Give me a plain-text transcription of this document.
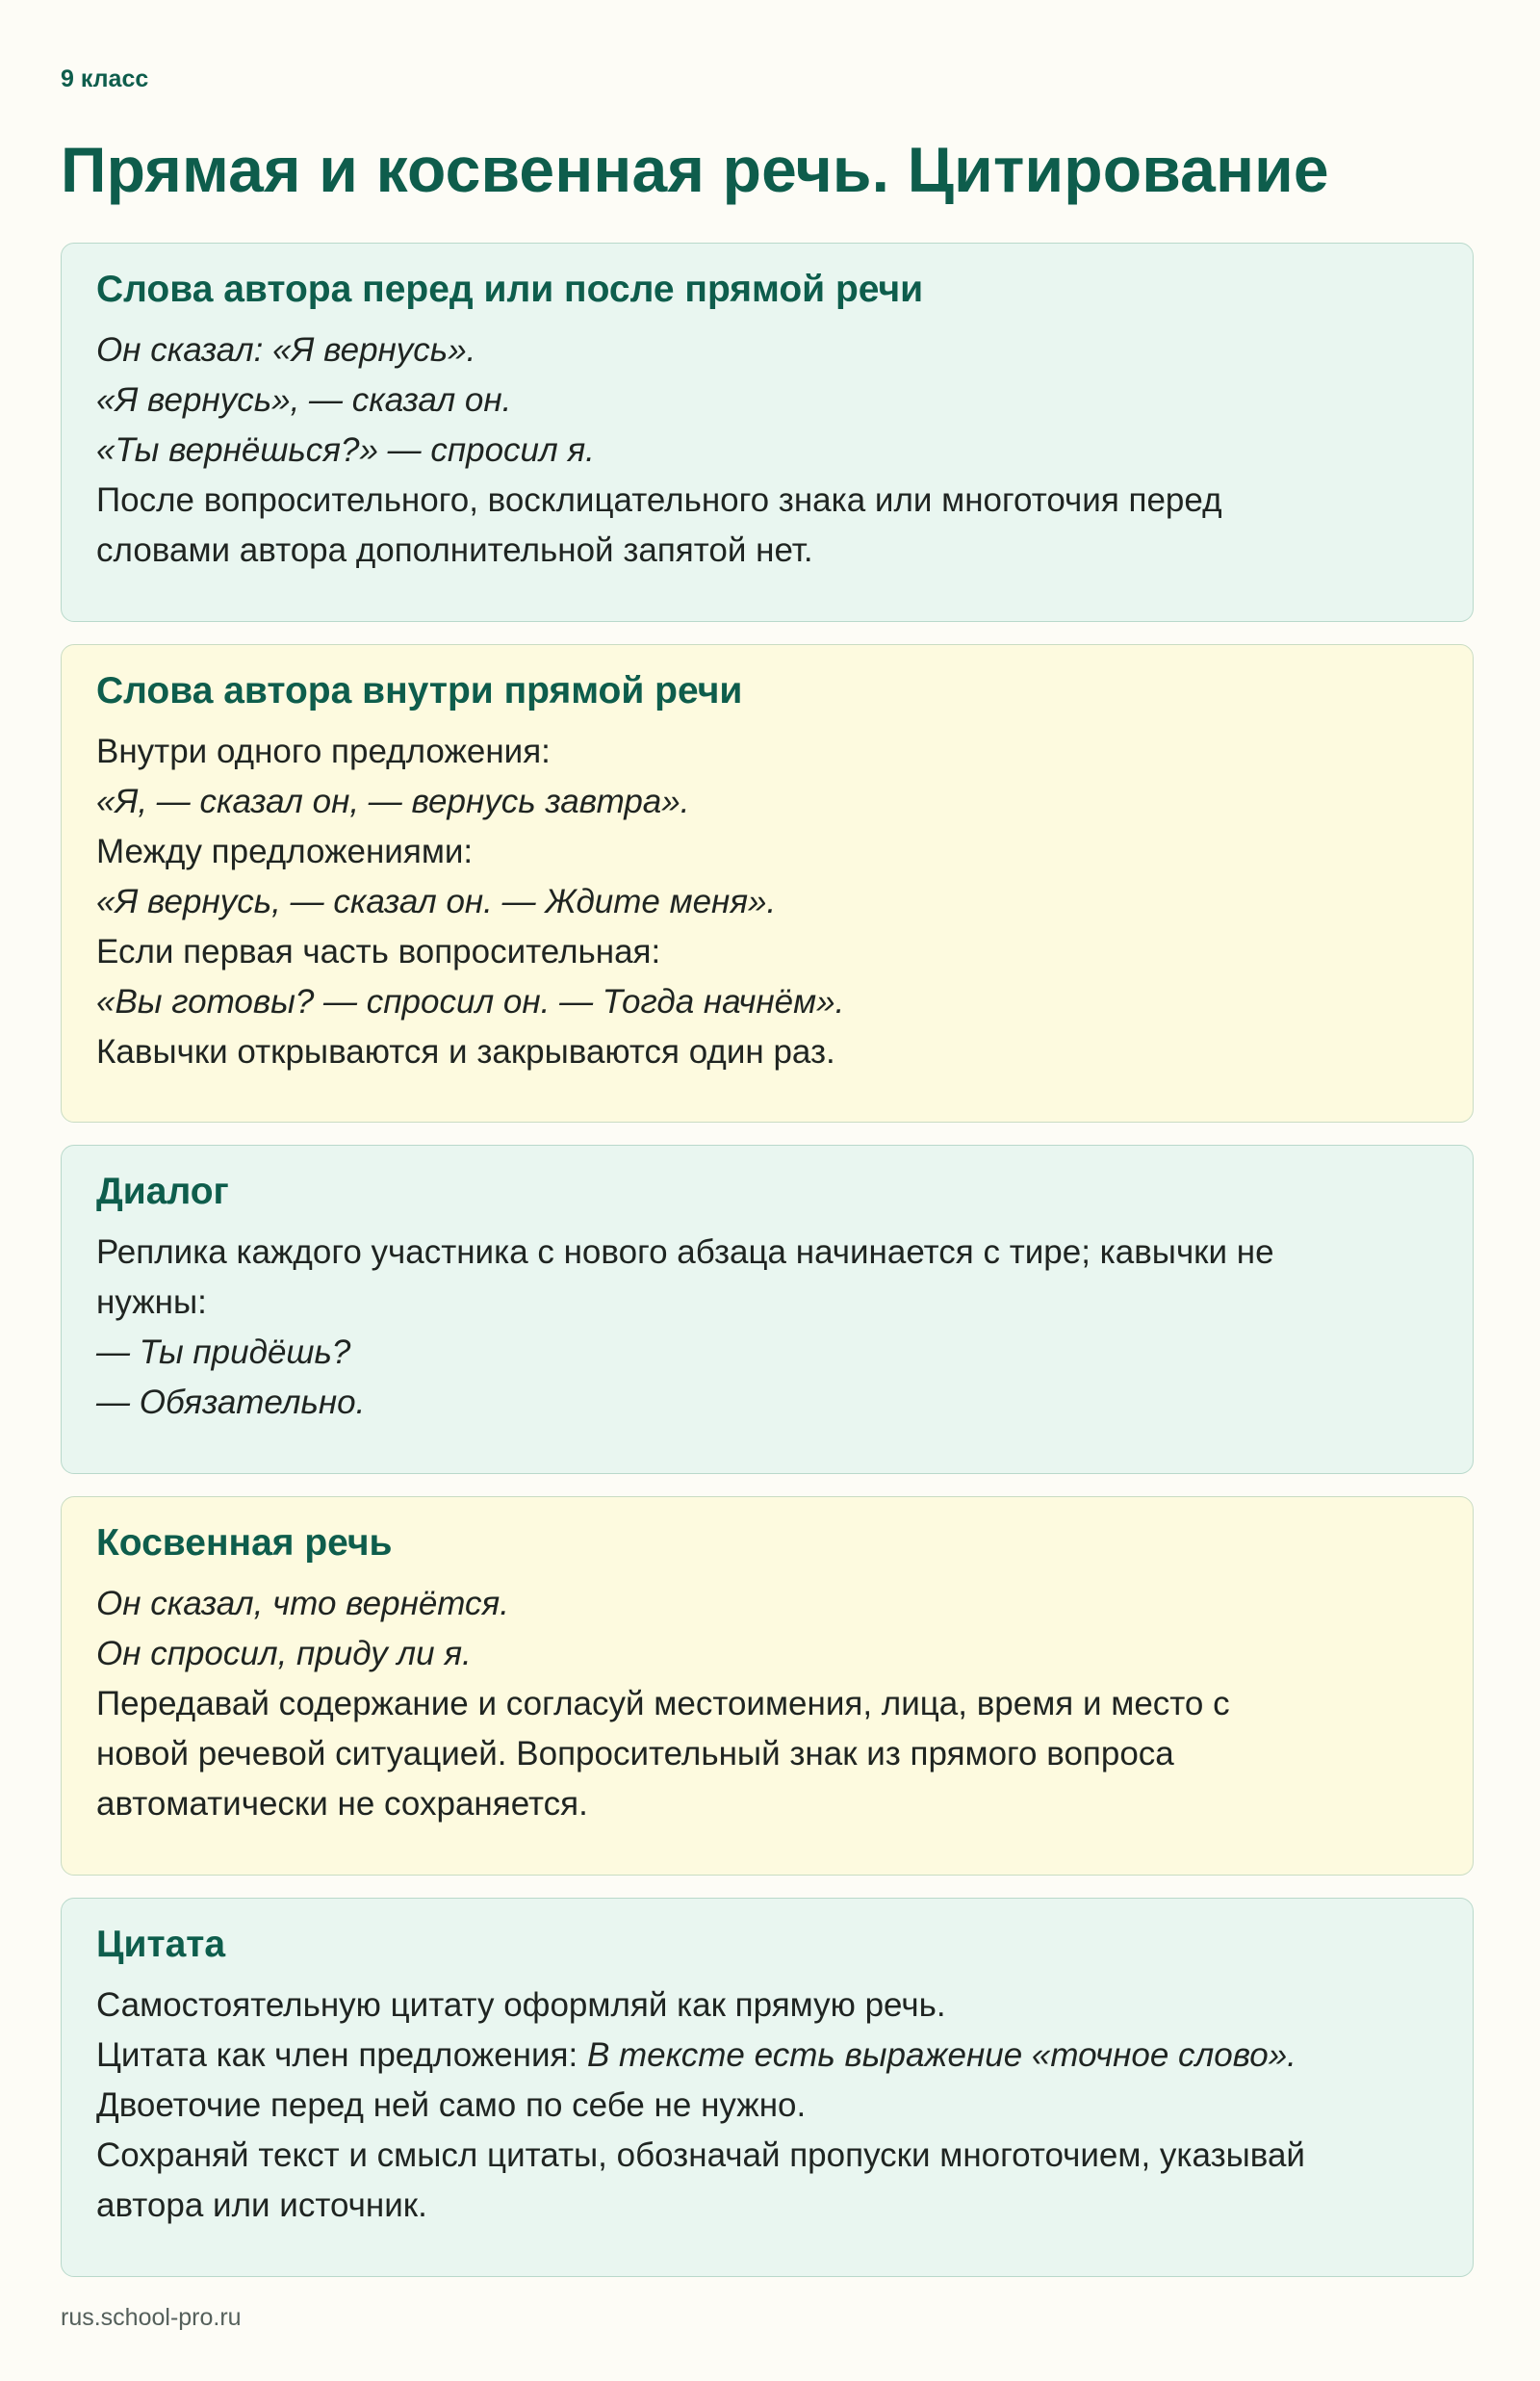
9 класс
Прямая и косвенная речь. Цитирование
Слова автора перед или после прямой речи
Он сказал: «Я вернусь».
«Я вернусь», — сказал он.
«Ты вернёшься?» — спросил я.
После вопросительного, восклицательного знака или многоточия перед
словами автора дополнительной запятой нет.
Слова автора внутри прямой речи
Внутри одного предложения:
«Я, — сказал он, — вернусь завтра».
Между предложениями:
«Я вернусь, — сказал он. — Ждите меня».
Если первая часть вопросительная:
«Вы готовы? — спросил он. — Тогда начнём».
Кавычки открываются и закрываются один раз.
Диалог
Реплика каждого участника с нового абзаца начинается с тире; кавычки не
нужны:
— Ты придёшь?
— Обязательно.
Косвенная речь
Он сказал, что вернётся.
Он спросил, приду ли я.
Передавай содержание и согласуй местоимения, лица, время и место с
новой речевой ситуацией. Вопросительный знак из прямого вопроса
автоматически не сохраняется.
Цитата
Самостоятельную цитату оформляй как прямую речь.
Цитата как член предложения: В тексте есть выражение «точное слово».
Двоеточие перед ней само по себе не нужно.
Сохраняй текст и смысл цитаты, обозначай пропуски многоточием, указывай
автора или источник.
rus.school-pro.ru
